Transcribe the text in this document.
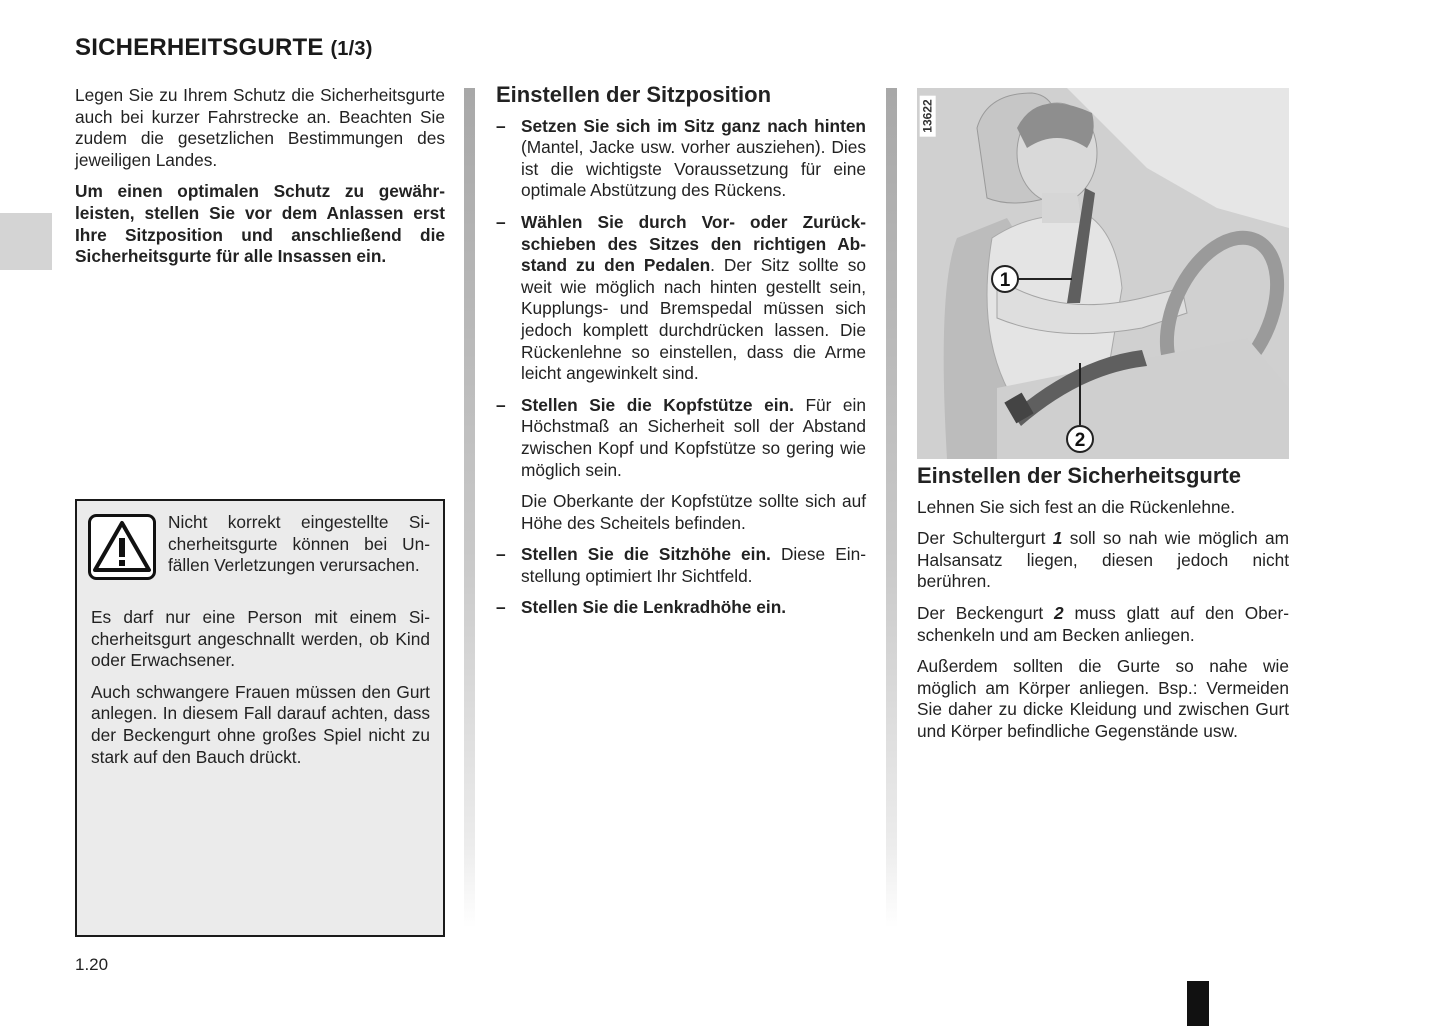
SICHERHEITSGURTE (1/3)

Legen Sie zu Ihrem Schutz die Sicherheitsgurte auch bei kurzer Fahrstrecke an. Beachten Sie zudem die gesetzlichen Bestimmungen des jeweiligen Landes.

Um einen optimalen Schutz zu gewährleisten, stellen Sie vor dem Anlassen erst Ihre Sitzposition und anschließend die Sicherheitsgurte für alle Insassen ein.

Nicht korrekt eingestellte Sicherheitsgurte können bei Unfällen Verletzungen verursachen.

Es darf nur eine Person mit einem Sicherheitsgurt angeschnallt werden, ob Kind oder Erwachsener.

Auch schwangere Frauen müssen den Gurt anlegen. In diesem Fall darauf achten, dass der Beckengurt ohne großes Spiel nicht zu stark auf den Bauch drückt.

Einstellen der Sitzposition
– Setzen Sie sich im Sitz ganz nach hinten (Mantel, Jacke usw. vorher ausziehen). Dies ist die wichtigste Voraussetzung für eine optimale Abstützung des Rückens.
– Wählen Sie durch Vor- oder Zurückschieben des Sitzes den richtigen Abstand zu den Pedalen. Der Sitz sollte so weit wie möglich nach hinten gestellt sein, Kupplungs- und Bremspedal müssen sich jedoch komplett durchdrücken lassen. Die Rückenlehne so einstellen, dass die Arme leicht angewinkelt sind.
– Stellen Sie die Kopfstütze ein. Für ein Höchstmaß an Sicherheit soll der Abstand zwischen Kopf und Kopfstütze so gering wie möglich sein.
Die Oberkante der Kopfstütze sollte sich auf Höhe des Scheitels befinden.
– Stellen Sie die Sitzhöhe ein. Diese Einstellung optimiert Ihr Sichtfeld.
– Stellen Sie die Lenkradhöhe ein.
1
2
13622
Einstellen der Sicherheitsgurte

Lehnen Sie sich fest an die Rückenlehne.

Der Schultergurt 1 soll so nah wie möglich am Halsansatz liegen, diesen jedoch nicht berühren.

Der Beckengurt 2 muss glatt auf den Oberschenkeln und am Becken anliegen.

Außerdem sollten die Gurte so nahe wie möglich am Körper anliegen. Bsp.: Vermeiden Sie daher zu dicke Kleidung und zwischen Gurt und Körper befindliche Gegenstände usw.

1.20
